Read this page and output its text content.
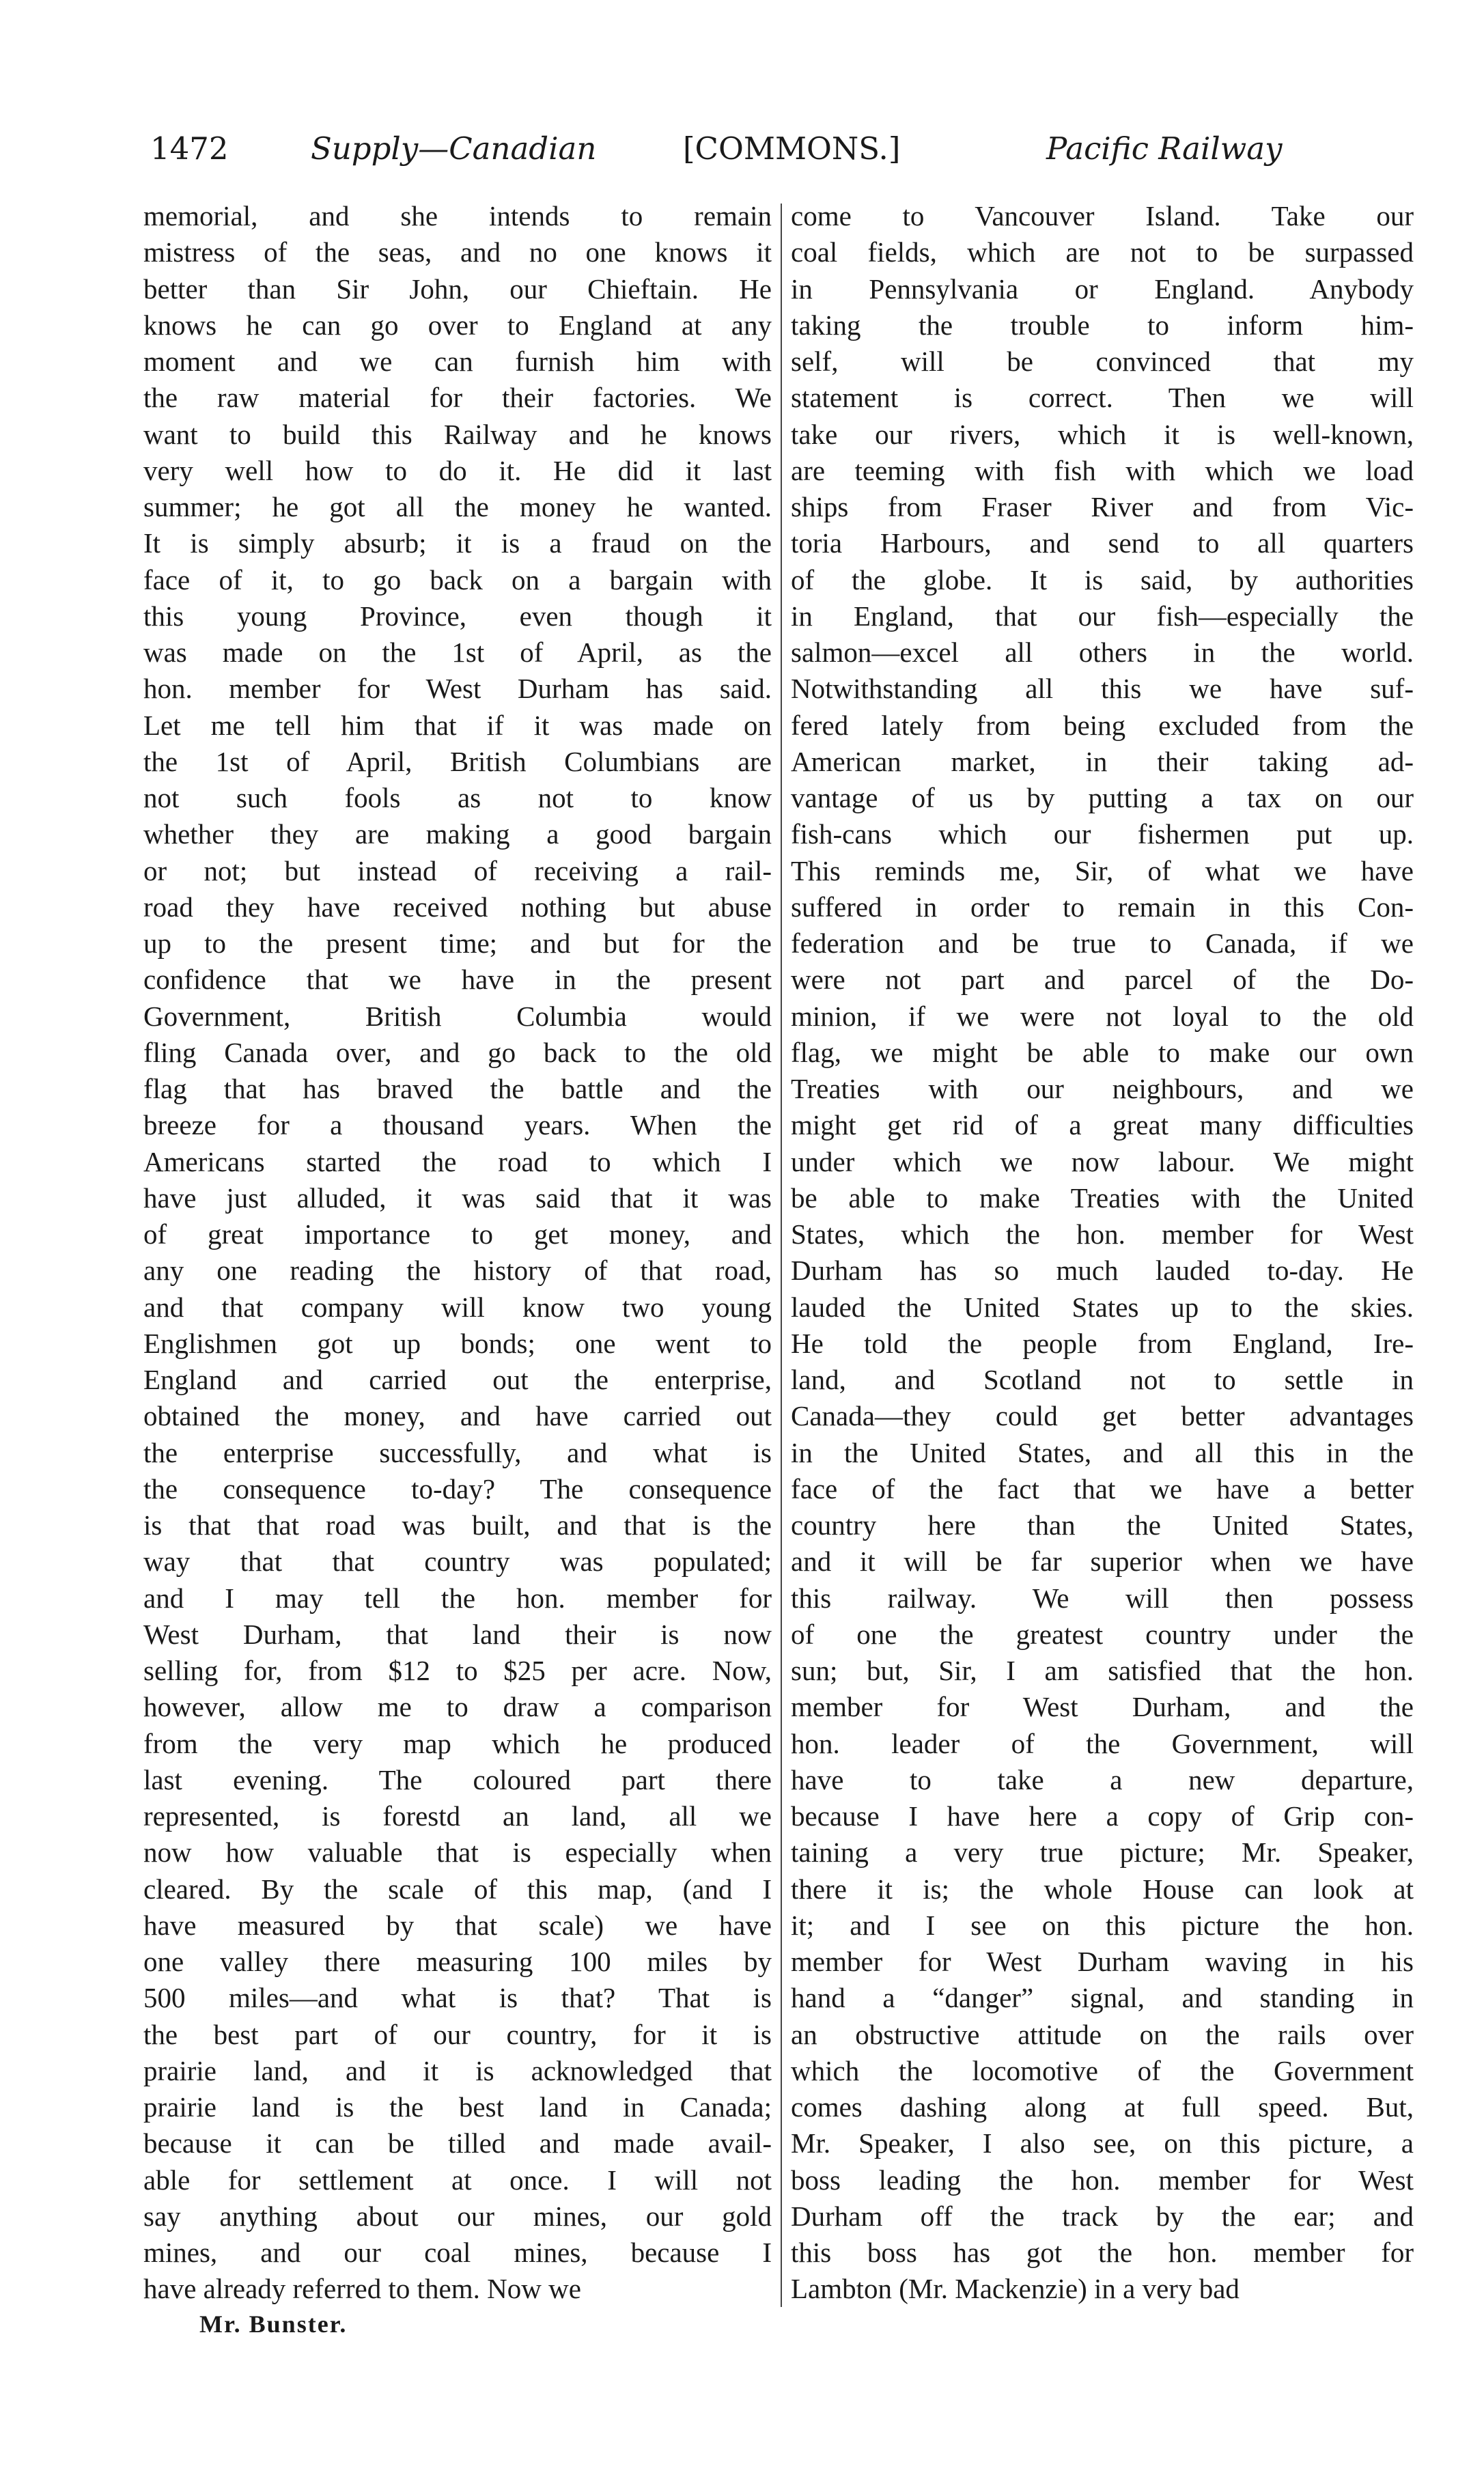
1472	Supply—Canadian	[COMMONS.]	Pacific Railway
memorial, and she intends to remain
mistress of the seas, and no one knows it
better than Sir John, our Chieftain. He
knows he can go over to England at any
moment and we can furnish him with
the raw material for their factories. We
want to build this Railway and he knows
very well how to do it. He did it last
summer; he got all the money he wanted.
It is simply absurb; it is a fraud on the
face of it, to go back on a bargain with
this young Province, even though it
was made on the 1st of April, as the
hon. member for West Durham has said.
Let me tell him that if it was made on
the 1st of April, British Columbians are
not such fools as not to know
whether they are making a good bargain
or not; but instead of receiving a rail-
road they have received nothing but abuse
up to the present time; and but for the
confidence that we have in the present
Government, British Columbia would
fling Canada over, and go back to the old
flag that has braved the battle and the
breeze for a thousand years. When the
Americans started the road to which I
have just alluded, it was said that it was
of great importance to get money, and
any one reading the history of that road,
and that company will know two young
Englishmen got up bonds; one went to
England and carried out the enterprise,
obtained the money, and have carried out
the enterprise successfully, and what is
the consequence to-day? The consequence
is that that road was built, and that is the
way that that country was populated;
and I may tell the hon. member for
West Durham, that land their is now
selling for, from $12 to $25 per acre. Now,
however, allow me to draw a comparison
from the very map which he produced
last evening. The coloured part there
represented, is forestd an land, all we
now how valuable that is especially when
cleared. By the scale of this map, (and I
have measured by that scale) we have
one valley there measuring 100 miles by
500 miles—and what is that? That is
the best part of our country, for it is
prairie land, and it is acknowledged that
prairie land is the best land in Canada;
because it can be tilled and made avail-
able for settlement at once. I will not
say anything about our mines, our gold
mines, and our coal mines, because I
have already referred to them. Now we
come to Vancouver Island. Take our
coal fields, which are not to be surpassed
in Pennsylvania or England. Anybody
taking the trouble to inform him-
self, will be convinced that my
statement is correct. Then we will
take our rivers, which it is well-known,
are teeming with fish with which we load
ships from Fraser River and from Vic-
toria Harbours, and send to all quarters
of the globe. It is said, by authorities
in England, that our fish—especially the
salmon—excel all others in the world.
Notwithstanding all this we have suf-
fered lately from being excluded from the
American market, in their taking ad-
vantage of us by putting a tax on our
fish-cans which our fishermen put up.
This reminds me, Sir, of what we have
suffered in order to remain in this Con-
federation and be true to Canada, if we
were not part and parcel of the Do-
minion, if we were not loyal to the old
flag, we might be able to make our own
Treaties with our neighbours, and we
might get rid of a great many difficulties
under which we now labour. We might
be able to make Treaties with the United
States, which the hon. member for West
Durham has so much lauded to-day. He
lauded the United States up to the skies.
He told the people from England, Ire-
land, and Scotland not to settle in
Canada—they could get better advantages
in the United States, and all this in the
face of the fact that we have a better
country here than the United States,
and it will be far superior when we have
this railway. We will then possess
of one the greatest country under the
sun; but, Sir, I am satisfied that the hon.
member for West Durham, and the
hon. leader of the Government, will
have to take a new departure,
because I have here a copy of Grip con-
taining a very true picture; Mr. Speaker,
there it is; the whole House can look at
it; and I see on this picture the hon.
member for West Durham waving in his
hand a “danger” signal, and standing in
an obstructive attitude on the rails over
which the locomotive of the Government
comes dashing along at full speed. But,
Mr. Speaker, I also see, on this picture, a
boss leading the hon. member for West
Durham off the track by the ear; and
this boss has got the hon. member for
Lambton (Mr. Mackenzie) in a very bad
Mr. Bunster.
